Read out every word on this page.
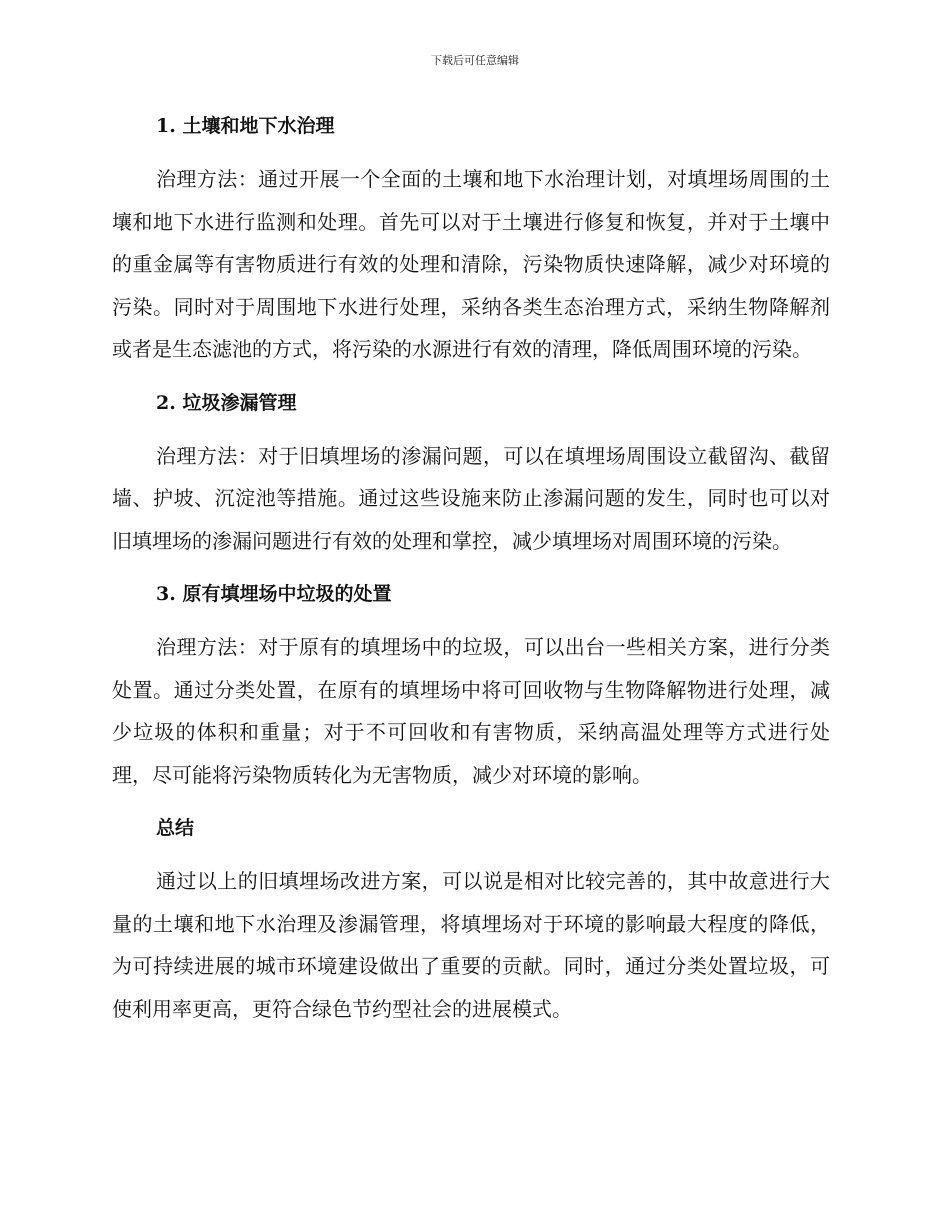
下载后可任意编辑
1. 土壤和地下水治理

治理方法：通过开展一个全面的土壤和地下水治理计划，对填埋场周围的土壤和地下水进行监测和处理。首先可以对于土壤进行修复和恢复，并对于土壤中的重金属等有害物质进行有效的处理和清除，污染物质快速降解，减少对环境的污染。同时对于周围地下水进行处理，采纳各类生态治理方式，采纳生物降解剂或者是生态滤池的方式，将污染的水源进行有效的清理，降低周围环境的污染。

2. 垃圾渗漏管理

治理方法：对于旧填埋场的渗漏问题，可以在填埋场周围设立截留沟、截留墙、护坡、沉淀池等措施。通过这些设施来防止渗漏问题的发生，同时也可以对旧填埋场的渗漏问题进行有效的处理和掌控，减少填埋场对周围环境的污染。

3. 原有填埋场中垃圾的处置

治理方法：对于原有的填埋场中的垃圾，可以出台一些相关方案，进行分类处置。通过分类处置，在原有的填埋场中将可回收物与生物降解物进行处理，减少垃圾的体积和重量；对于不可回收和有害物质，采纳高温处理等方式进行处理，尽可能将污染物质转化为无害物质，减少对环境的影响。

总结

通过以上的旧填埋场改进方案，可以说是相对比较完善的，其中故意进行大量的土壤和地下水治理及渗漏管理，将填埋场对于环境的影响最大程度的降低，为可持续进展的城市环境建设做出了重要的贡献。同时，通过分类处置垃圾，可使利用率更高，更符合绿色节约型社会的进展模式。
